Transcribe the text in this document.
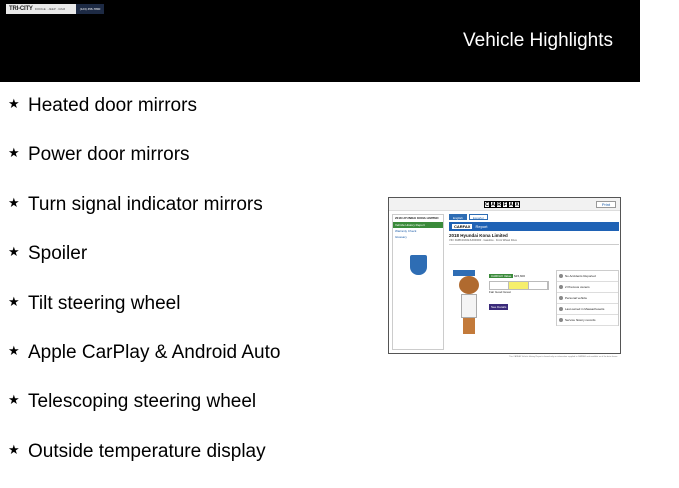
TRI-CITY DODGE · JEEP · RAM	(123) 456-7890
Vehicle Highlights
★ Heated door mirrors
★ Power door mirrors
★ Turn signal indicator mirrors
★ Spoiler
★ Tilt steering wheel
★ Apple CarPlay & Android Auto
★ Telescoping steering wheel
★ Outside temperature display
C A R F A X	Print
2018 HYUNDAI KONA LIMITED
Vehicle History Report
Warranty Check
Glossary
English	Español
CARFAX	Report
2018 Hyundai Kona Limited
VIN: KM8K33A52JU000000 · Gasoline · Front Wheel Drive
CARFAX Value $15,600
Fair Good Great
See Details
No Accidents Reported
2 Previous owners
Personal vehicle
Last owned in Massachusetts
Service history records
This CARFAX Vehicle History Report is based only on information supplied to CARFAX and available as of the date shown.
